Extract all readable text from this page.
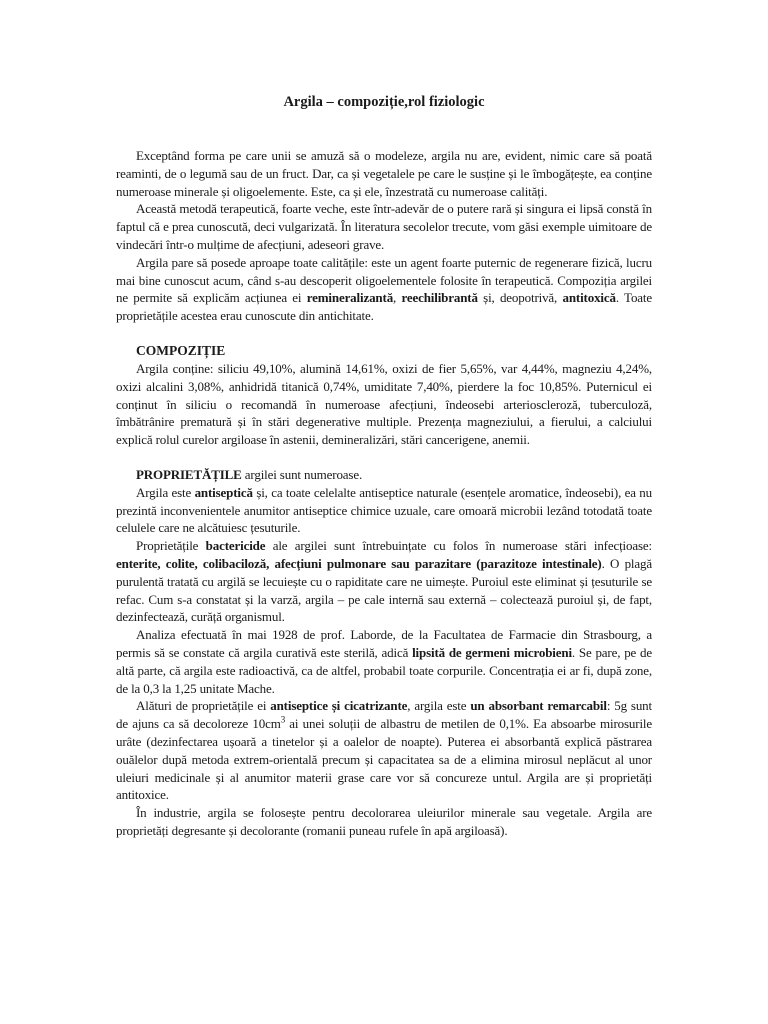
Argila – compoziție,rol fiziologic

Exceptând forma pe care unii se amuză să o modeleze, argila nu are, evident, nimic care să poată reaminti, de o legumă sau de un fruct. Dar, ca și vegetalele pe care le susține și le îmbogățește, ea conține numeroase minerale și oligoelemente. Este, ca și ele, înzestrată cu numeroase calități.

Această metodă terapeutică, foarte veche, este într-adevăr de o putere rară și singura ei lipsă constă în faptul că e prea cunoscută, deci vulgarizată. În literatura secolelor trecute, vom găsi exemple uimitoare de vindecări într-o mulțime de afecțiuni, adeseori grave.

Argila pare să posede aproape toate calitățile: este un agent foarte puternic de regenerare fizică, lucru mai bine cunoscut acum, când s-au descoperit oligoelementele folosite în terapeutică. Compoziția argilei ne permite să explicăm acțiunea ei remineralizantă, reechilibrantă și, deopotrivă, antitoxică. Toate proprietățile acestea erau cunoscute din antichitate.

COMPOZIȚIE

Argila conține: siliciu 49,10%, alumină 14,61%, oxizi de fier 5,65%, var 4,44%, magneziu 4,24%, oxizi alcalini 3,08%, anhidridă titanică 0,74%, umiditate 7,40%, pierdere la foc 10,85%. Puternicul ei conținut în siliciu o recomandă în numeroase afecțiuni, îndeosebi arterioscleroză, tuberculoză, îmbătrânire prematură și în stări degenerative multiple. Prezența magneziului, a fierului, a calciului explică rolul curelor argiloase în astenii, demineralizări, stări cancerigene, anemii.

PROPRIETĂȚILE argilei sunt numeroase.

Argila este antiseptică și, ca toate celelalte antiseptice naturale (esențele aromatice, îndeosebi), ea nu prezintă inconvenientele anumitor antiseptice chimice uzuale, care omoară microbii lezând totodată toate celulele care ne alcătuiesc țesuturile.

Proprietățile bactericide ale argilei sunt întrebuințate cu folos în numeroase stări infecțioase: enterite, colite, colibaciloză, afecțiuni pulmonare sau parazitare (parazitoze intestinale). O plagă purulentă tratată cu argilă se lecuiește cu o rapiditate care ne uimește. Puroiul este eliminat și țesuturile se refac. Cum s-a constatat și la varză, argila – pe cale internă sau externă – colectează puroiul și, de fapt, dezinfectează, curăță organismul.

Analiza efectuată în mai 1928 de prof. Laborde, de la Facultatea de Farmacie din Strasbourg, a permis să se constate că argila curativă este sterilă, adică lipsită de germeni microbieni. Se pare, pe de altă parte, că argila este radioactivă, ca de altfel, probabil toate corpurile. Concentrația ei ar fi, după zone, de la 0,3 la 1,25 unitate Mache.

Alături de proprietățile ei antiseptice și cicatrizante, argila este un absorbant remarcabil: 5g sunt de ajuns ca să decoloreze $10cm^3$ ai unei soluții de albastru de metilen de 0,1%. Ea absoarbe mirosurile urâte (dezinfectarea ușoară a tinetelor și a oalelor de noapte). Puterea ei absorbantă explică păstrarea ouălelor după metoda extrem-orientală precum și capacitatea sa de a elimina mirosul neplăcut al unor uleiuri medicinale și al anumitor materii grase care vor să concureze untul. Argila are și proprietăți antitoxice.

În industrie, argila se folosește pentru decolorarea uleiurilor minerale sau vegetale. Argila are proprietăți degresante și decolorante (romanii puneau rufele în apă argiloasă).
